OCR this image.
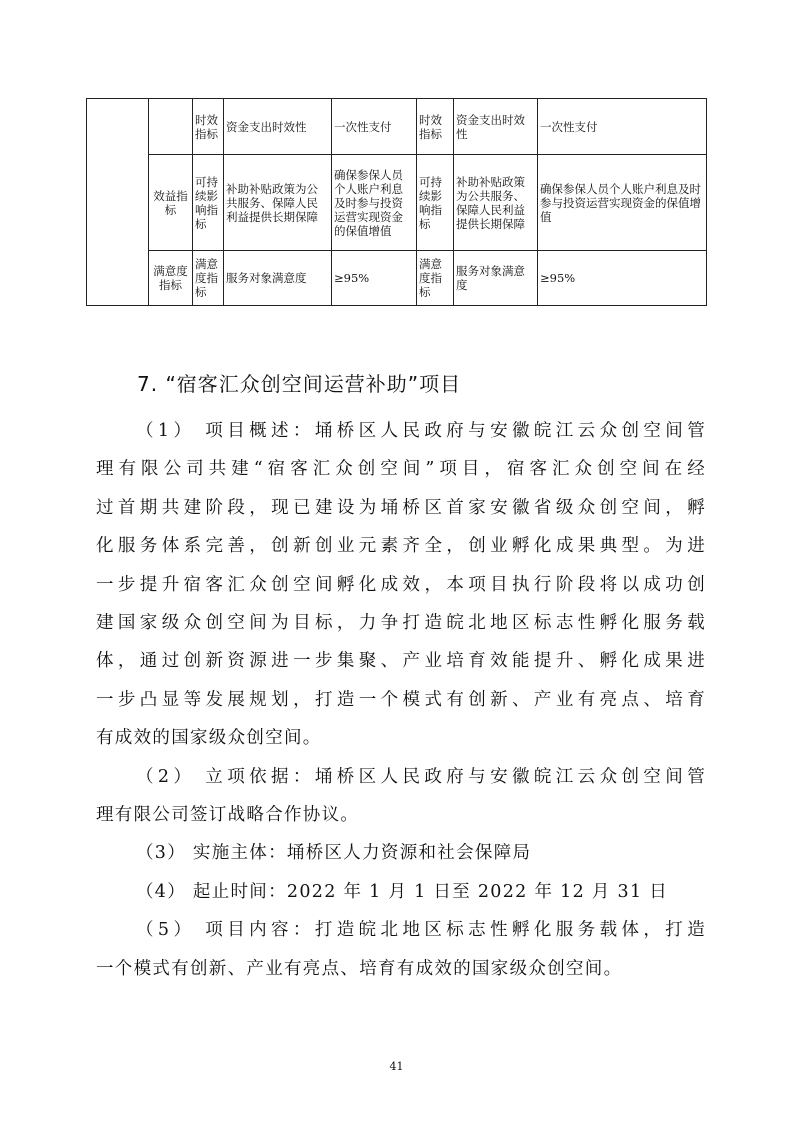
		时效指标	资金支出时效性	一次性支付	时效指标	资金支出时效性	一次性支付
	效益指标	可持续影响指标	补助补贴政策为公共服务、保障人民利益提供长期保障	确保参保人员个人账户利息及时参与投资运营实现资金的保值增值	可持续影响指标	补助补贴政策为公共服务、保障人民利益提供长期保障	确保参保人员个人账户利息及时参与投资运营实现资金的保值增值
	满意度指标	满意度指标	服务对象满意度	≥95%	满意度指标	服务对象满意度	≥95%
7. “宿客汇众创空间运营补助”项目

（1） 项目概述：埇桥区人民政府与安徽皖江云众创空间管

理有限公司共建“宿客汇众创空间”项目，宿客汇众创空间在经

过首期共建阶段，现已建设为埇桥区首家安徽省级众创空间，孵

化服务体系完善，创新创业元素齐全，创业孵化成果典型。为进

一步提升宿客汇众创空间孵化成效，本项目执行阶段将以成功创

建国家级众创空间为目标，力争打造皖北地区标志性孵化服务载

体，通过创新资源进一步集聚、产业培育效能提升、孵化成果进

一步凸显等发展规划，打造一个模式有创新、产业有亮点、培育

有成效的国家级众创空间。

（2） 立项依据：埇桥区人民政府与安徽皖江云众创空间管

理有限公司签订战略合作协议。

（3） 实施主体：埇桥区人力资源和社会保障局

（4） 起止时间：2022 年 1 月 1 日至 2022 年 12 月 31 日

（5） 项目内容：打造皖北地区标志性孵化服务载体，打造

一个模式有创新、产业有亮点、培育有成效的国家级众创空间。

41
